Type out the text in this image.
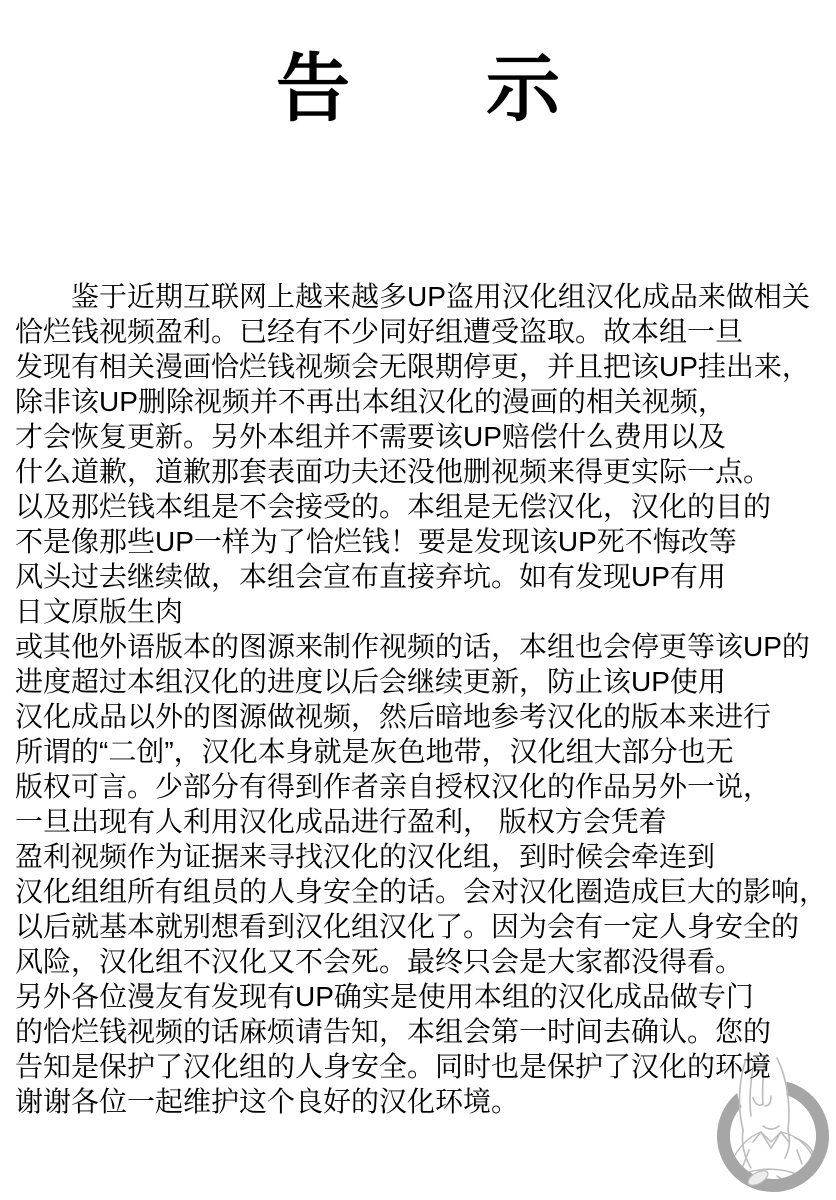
告 示
鉴于近期互联网上越来越多UP盗用汉化组汉化成品来做相关
恰烂钱视频盈利。已经有不少同好组遭受盗取。故本组一旦
发现有相关漫画恰烂钱视频会无限期停更，并且把该UP挂出来，
除非该UP删除视频并不再出本组汉化的漫画的相关视频，
才会恢复更新。另外本组并不需要该UP赔偿什么费用以及
什么道歉，道歉那套表面功夫还没他删视频来得更实际一点。
以及那烂钱本组是不会接受的。本组是无偿汉化，汉化的目的
不是像那些UP一样为了恰烂钱！要是发现该UP死不悔改等
风头过去继续做，本组会宣布直接弃坑。如有发现UP有用
日文原版生肉
或其他外语版本的图源来制作视频的话，本组也会停更等该UP的
进度超过本组汉化的进度以后会继续更新，防止该UP使用
汉化成品以外的图源做视频，然后暗地参考汉化的版本来进行
所谓的“二创”，汉化本身就是灰色地带，汉化组大部分也无
版权可言。少部分有得到作者亲自授权汉化的作品另外一说，
一旦出现有人利用汉化成品进行盈利， 版权方会凭着
盈利视频作为证据来寻找汉化的汉化组，到时候会牵连到
汉化组组所有组员的人身安全的话。会对汉化圈造成巨大的影响，
以后就基本就别想看到汉化组汉化了。因为会有一定人身安全的
风险，汉化组不汉化又不会死。最终只会是大家都没得看。
另外各位漫友有发现有UP确实是使用本组的汉化成品做专门
的恰烂钱视频的话麻烦请告知，本组会第一时间去确认。您的
告知是保护了汉化组的人身安全。同时也是保护了汉化的环境
谢谢各位一起维护这个良好的汉化环境。
